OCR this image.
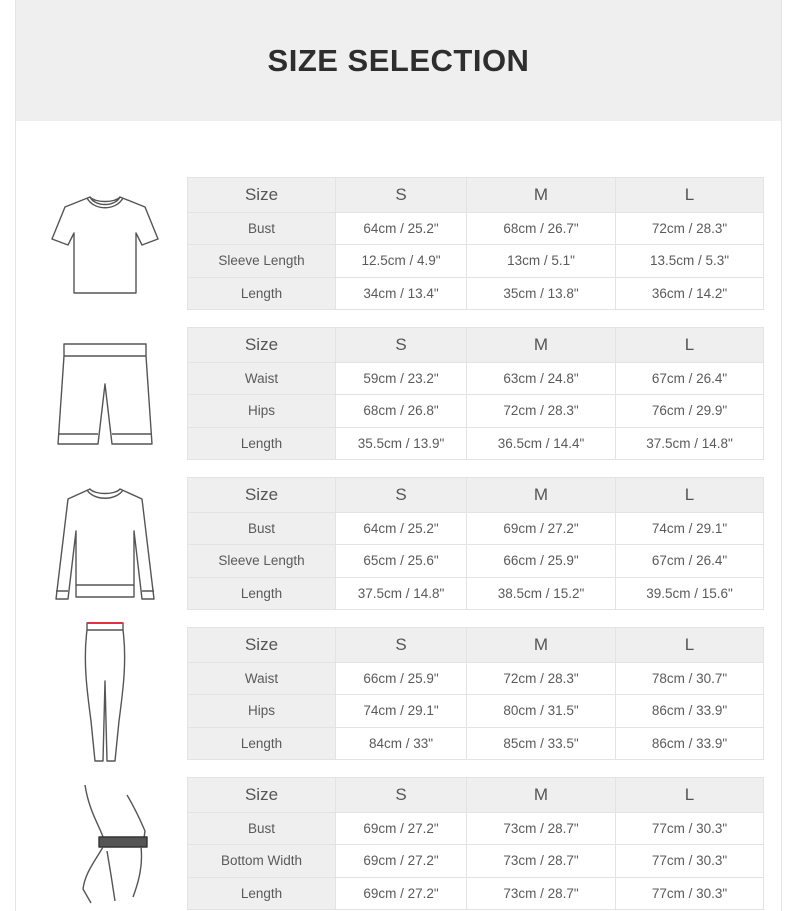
SIZE SELECTION
Size	S	M	L
Bust	64cm / 25.2"	68cm / 26.7"	72cm / 28.3"
Sleeve Length	12.5cm / 4.9"	13cm / 5.1"	13.5cm / 5.3"
Length	34cm / 13.4"	35cm / 13.8"	36cm / 14.2"
Size	S	M	L
Waist	59cm / 23.2"	63cm / 24.8"	67cm / 26.4"
Hips	68cm / 26.8"	72cm / 28.3"	76cm / 29.9"
Length	35.5cm / 13.9"	36.5cm / 14.4"	37.5cm / 14.8"
Size	S	M	L
Bust	64cm / 25.2"	69cm / 27.2"	74cm / 29.1"
Sleeve Length	65cm / 25.6"	66cm / 25.9"	67cm / 26.4"
Length	37.5cm / 14.8"	38.5cm / 15.2"	39.5cm / 15.6"
Size	S	M	L
Waist	66cm / 25.9"	72cm / 28.3"	78cm / 30.7"
Hips	74cm / 29.1"	80cm / 31.5"	86cm / 33.9"
Length	84cm / 33"	85cm / 33.5"	86cm / 33.9"
Size	S	M	L
Bust	69cm / 27.2"	73cm / 28.7"	77cm / 30.3"
Bottom Width	69cm / 27.2"	73cm / 28.7"	77cm / 30.3"
Length	69cm / 27.2"	73cm / 28.7"	77cm / 30.3"
